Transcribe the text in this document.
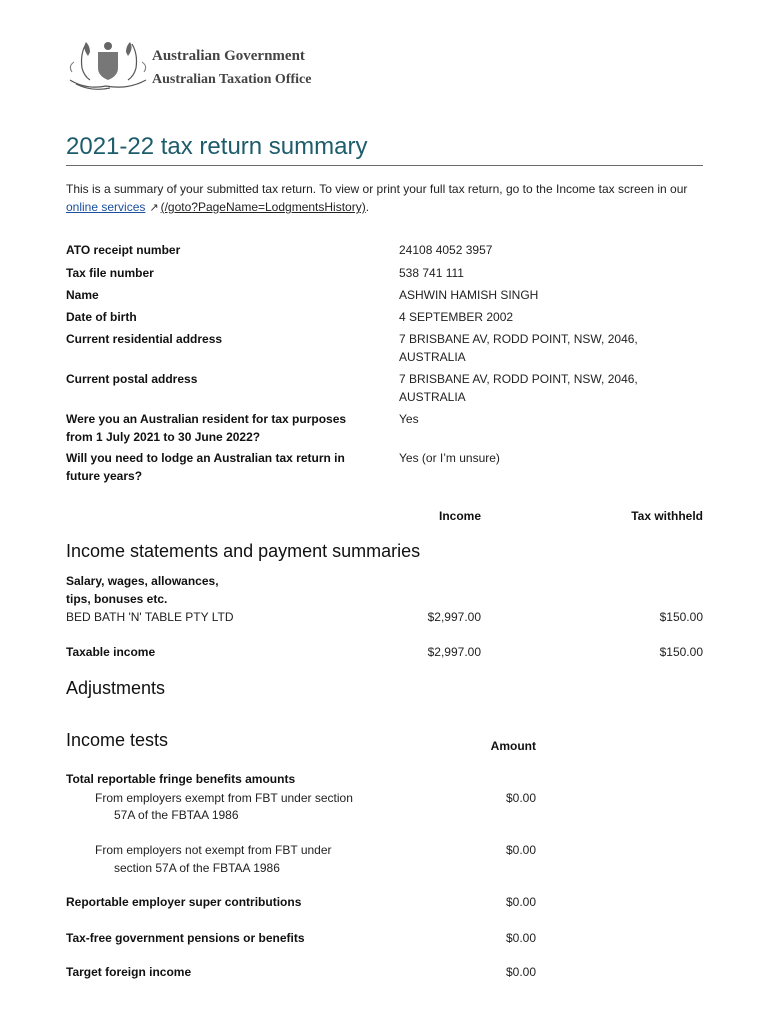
Australian Government
Australian Taxation Office
2021-22 tax return summary
This is a summary of your submitted tax return. To view or print your full tax return, go to the Income tax screen in our online services ↗ (/goto?PageName=LodgmentsHistory).
ATO receipt number	24108 4052 3957
Tax file number	538 741 111
Name	ASHWIN HAMISH SINGH
Date of birth	4 SEPTEMBER 2002
Current residential address	7 BRISBANE AV, RODD POINT, NSW, 2046, AUSTRALIA
Current postal address	7 BRISBANE AV, RODD POINT, NSW, 2046, AUSTRALIA
Were you an Australian resident for tax purposes from 1 July 2021 to 30 June 2022?
Yes
Will you need to lodge an Australian tax return in future years?
Yes (or I’m unsure)
Income	Tax withheld
Income statements and payment summaries
Salary, wages, allowances, tips, bonuses etc.
BED BATH 'N' TABLE PTY LTD	$2,997.00	$150.00
Taxable income	$2,997.00	$150.00
Adjustments
Income tests	Amount
Total reportable fringe benefits amounts
From employers exempt from FBT under section
57A of the FBTAA 1986
$0.00
From employers not exempt from FBT under
section 57A of the FBTAA 1986
$0.00
Reportable employer super contributions	$0.00
Tax-free government pensions or benefits	$0.00
Target foreign income	$0.00
